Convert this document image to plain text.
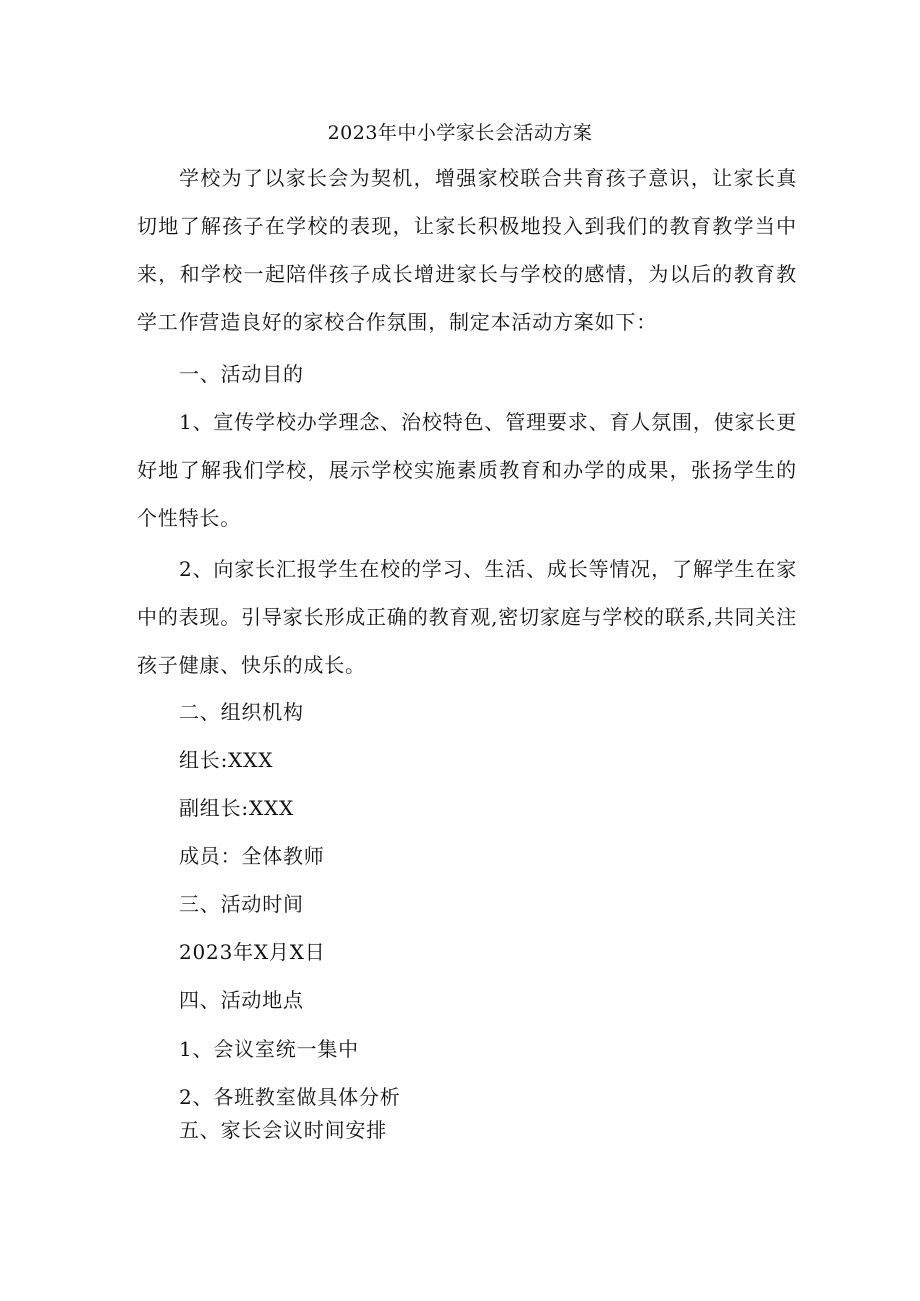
2023年中小学家长会活动方案
学校为了以家长会为契机，增强家校联合共育孩子意识，让家长真切地了解孩子在学校的表现，让家长积极地投入到我们的教育教学当中来，和学校一起陪伴孩子成长增进家长与学校的感情，为以后的教育教学工作营造良好的家校合作氛围，制定本活动方案如下：
一、活动目的
1、宣传学校办学理念、治校特色、管理要求、育人氛围，使家长更好地了解我们学校，展示学校实施素质教育和办学的成果，张扬学生的个性特长。
2、向家长汇报学生在校的学习、生活、成长等情况，了解学生在家中的表现。引导家长形成正确的教育观,密切家庭与学校的联系,共同关注孩子健康、快乐的成长。
二、组织机构
组长:XXX
副组长:XXX
成员：全体教师
三、活动时间
2023年X月X日
四、活动地点
1、会议室统一集中
2、各班教室做具体分析
五、家长会议时间安排
